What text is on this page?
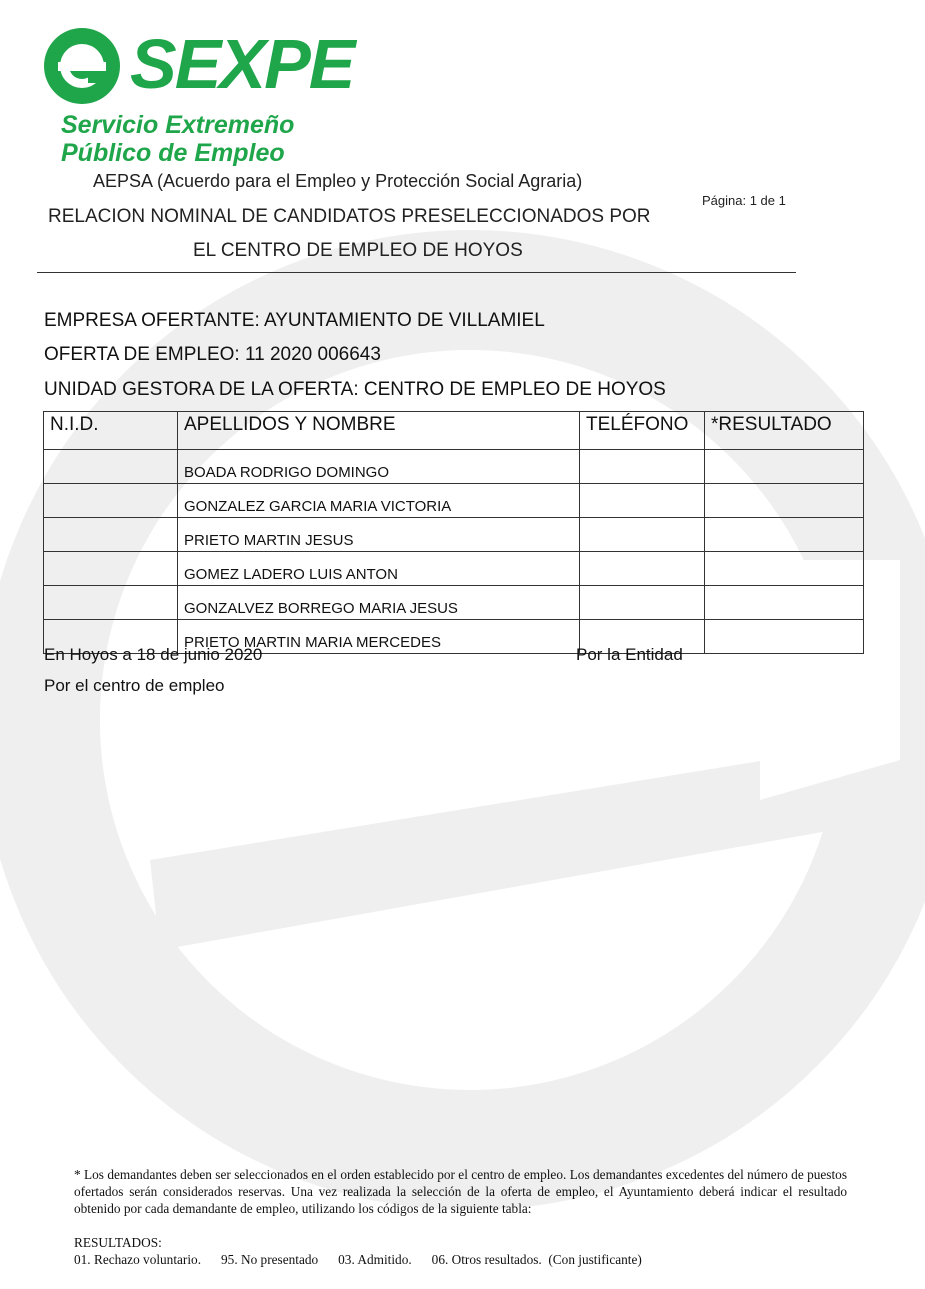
SEXPE
Servicio Extremeño
Público de Empleo
AEPSA (Acuerdo para el Empleo y Protección Social Agraria)
Página: 1 de 1
RELACION NOMINAL DE CANDIDATOS PRESELECCIONADOS POR
EL CENTRO DE EMPLEO DE HOYOS
EMPRESA OFERTANTE: AYUNTAMIENTO DE VILLAMIEL
OFERTA DE EMPLEO: 11 2020 006643
UNIDAD GESTORA DE LA OFERTA: CENTRO DE EMPLEO DE HOYOS
N.I.D.	APELLIDOS Y NOMBRE	TELÉFONO	*RESULTADO
	BOADA RODRIGO DOMINGO		
	GONZALEZ GARCIA MARIA VICTORIA		
	PRIETO MARTIN JESUS		
	GOMEZ LADERO LUIS ANTON		
	GONZALVEZ BORREGO MARIA JESUS		
	PRIETO MARTIN MARIA MERCEDES		
En Hoyos a 18 de junio 2020	Por la Entidad
Por el centro de empleo
* Los demandantes deben ser seleccionados en el orden establecido por el centro de empleo. Los demandantes excedentes del número de puestos ofertados serán considerados reservas. Una vez realizada la selección de la oferta de empleo, el Ayuntamiento deberá indicar el resultado obtenido por cada demandante de empleo, utilizando los códigos de la siguiente tabla:
RESULTADOS:
01. Rechazo voluntario. 95. No presentado 03. Admitido. 06. Otros resultados.  (Con justificante)
